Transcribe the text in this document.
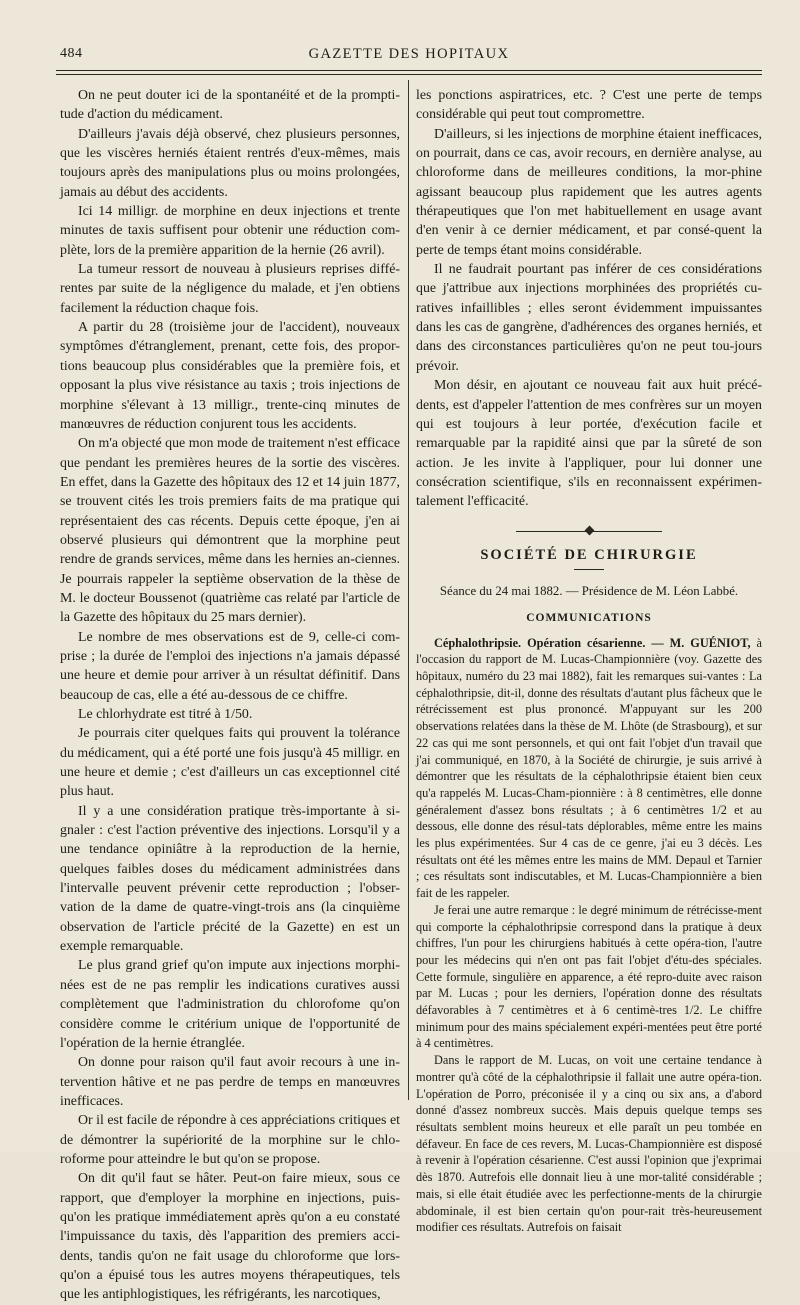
484	GAZETTE DES HOPITAUX

On ne peut douter ici de la spontanéité et de la prompti-tude d'action du médicament.

D'ailleurs j'avais déjà observé, chez plusieurs personnes, que les viscères herniés étaient rentrés d'eux-mêmes, mais toujours après des manipulations plus ou moins prolongées, jamais au début des accidents.

Ici 14 milligr. de morphine en deux injections et trente minutes de taxis suffisent pour obtenir une réduction com-plète, lors de la première apparition de la hernie (26 avril).

La tumeur ressort de nouveau à plusieurs reprises diffé-rentes par suite de la négligence du malade, et j'en obtiens facilement la réduction chaque fois.

A partir du 28 (troisième jour de l'accident), nouveaux symptômes d'étranglement, prenant, cette fois, des propor-tions beaucoup plus considérables que la première fois, et opposant la plus vive résistance au taxis ; trois injections de morphine s'élevant à 13 milligr., trente-cinq minutes de manœuvres de réduction conjurent tous les accidents.

On m'a objecté que mon mode de traitement n'est efficace que pendant les premières heures de la sortie des viscères. En effet, dans la Gazette des hôpitaux des 12 et 14 juin 1877, se trouvent cités les trois premiers faits de ma pratique qui représentaient des cas récents. Depuis cette époque, j'en ai observé plusieurs qui démontrent que la morphine peut rendre de grands services, même dans les hernies an-ciennes. Je pourrais rappeler la septième observation de la thèse de M. le docteur Boussenot (quatrième cas relaté par l'article de la Gazette des hôpitaux du 25 mars dernier).

Le nombre de mes observations est de 9, celle-ci com-prise ; la durée de l'emploi des injections n'a jamais dépassé une heure et demie pour arriver à un résultat définitif. Dans beaucoup de cas, elle a été au-dessous de ce chiffre.

Le chlorhydrate est titré à 1/50.

Je pourrais citer quelques faits qui prouvent la tolérance du médicament, qui a été porté une fois jusqu'à 45 milligr. en une heure et demie ; c'est d'ailleurs un cas exceptionnel cité plus haut.

Il y a une considération pratique très-importante à si-gnaler : c'est l'action préventive des injections. Lorsqu'il y a une tendance opiniâtre à la reproduction de la hernie, quelques faibles doses du médicament administrées dans l'intervalle peuvent prévenir cette reproduction ; l'obser-vation de la dame de quatre-vingt-trois ans (la cinquième observation de l'article précité de la Gazette) en est un exemple remarquable.

Le plus grand grief qu'on impute aux injections morphi-nées est de ne pas remplir les indications curatives aussi complètement que l'administration du chlorofome qu'on considère comme le critérium unique de l'opportunité de l'opération de la hernie étranglée.

On donne pour raison qu'il faut avoir recours à une in-tervention hâtive et ne pas perdre de temps en manœuvres inefficaces.

Or il est facile de répondre à ces appréciations critiques et de démontrer la supériorité de la morphine sur le chlo-roforme pour atteindre le but qu'on se propose.

On dit qu'il faut se hâter. Peut-on faire mieux, sous ce rapport, que d'employer la morphine en injections, puis-qu'on les pratique immédiatement après qu'on a eu constaté l'impuissance du taxis, dès l'apparition des premiers acci-dents, tandis qu'on ne fait usage du chloroforme que lors-qu'on a épuisé tous les autres moyens thérapeutiques, tels que les antiphlogistiques, les réfrigérants, les narcotiques,

les ponctions aspiratrices, etc. ? C'est une perte de temps considérable qui peut tout compromettre.

D'ailleurs, si les injections de morphine étaient inefficaces, on pourrait, dans ce cas, avoir recours, en dernière analyse, au chloroforme dans de meilleures conditions, la mor-phine agissant beaucoup plus rapidement que les autres agents thérapeutiques que l'on met habituellement en usage avant d'en venir à ce dernier médicament, et par consé-quent la perte de temps étant moins considérable.

Il ne faudrait pourtant pas inférer de ces considérations que j'attribue aux injections morphinées des propriétés cu-ratives infaillibles ; elles seront évidemment impuissantes dans les cas de gangrène, d'adhérences des organes herniés, et dans des circonstances particulières qu'on ne peut tou-jours prévoir.

Mon désir, en ajoutant ce nouveau fait aux huit précé-dents, est d'appeler l'attention de mes confrères sur un moyen qui est toujours à leur portée, d'exécution facile et remarquable par la rapidité ainsi que par la sûreté de son action. Je les invite à l'appliquer, pour lui donner une consécration scientifique, s'ils en reconnaissent expérimen-talement l'efficacité.

SOCIÉTÉ DE CHIRURGIE
Séance du 24 mai 1882. — Présidence de M. Léon Labbé.
COMMUNICATIONS

Céphalothripsie. Opération césarienne. — M. GUÉNIOT, à l'occasion du rapport de M. Lucas-Championnière (voy. Gazette des hôpitaux, numéro du 23 mai 1882), fait les remarques sui-vantes : La céphalothripsie, dit-il, donne des résultats d'autant plus fâcheux que le rétrécissement est plus prononcé. M'appuyant sur les 200 observations relatées dans la thèse de M. Lhôte (de Strasbourg), et sur 22 cas qui me sont personnels, et qui ont fait l'objet d'un travail que j'ai communiqué, en 1870, à la Société de chirurgie, je suis arrivé à démontrer que les résultats de la céphalothripsie étaient bien ceux qu'a rappelés M. Lucas-Cham-pionnière : à 8 centimètres, elle donne généralement d'assez bons résultats ; à 6 centimètres 1/2 et au dessous, elle donne des résul-tats déplorables, même entre les mains les plus expérimentées. Sur 4 cas de ce genre, j'ai eu 3 décès. Les résultats ont été les mêmes entre les mains de MM. Depaul et Tarnier ; ces résultats sont indiscutables, et M. Lucas-Championnière a bien fait de les rappeler.

Je ferai une autre remarque : le degré minimum de rétrécisse-ment qui comporte la céphalothripsie correspond dans la pratique à deux chiffres, l'un pour les chirurgiens habitués à cette opéra-tion, l'autre pour les médecins qui n'en ont pas fait l'objet d'étu-des spéciales. Cette formule, singulière en apparence, a été repro-duite avec raison par M. Lucas ; pour les derniers, l'opération donne des résultats défavorables à 7 centimètres et à 6 centimè-tres 1/2. Le chiffre minimum pour des mains spécialement expéri-mentées peut être porté à 4 centimètres.

Dans le rapport de M. Lucas, on voit une certaine tendance à montrer qu'à côté de la céphalothripsie il fallait une autre opéra-tion. L'opération de Porro, préconisée il y a cinq ou six ans, a d'abord donné d'assez nombreux succès. Mais depuis quelque temps ses résultats semblent moins heureux et elle paraît un peu tombée en défaveur. En face de ces revers, M. Lucas-Championnière est disposé à revenir à l'opération césarienne. C'est aussi l'opinion que j'exprimai dès 1870. Autrefois elle donnait lieu à une mor-talité considérable ; mais, si elle était étudiée avec les perfectionne-ments de la chirurgie abdominale, il est bien certain qu'on pour-rait très-heureusement modifier ces résultats. Autrefois on faisait
